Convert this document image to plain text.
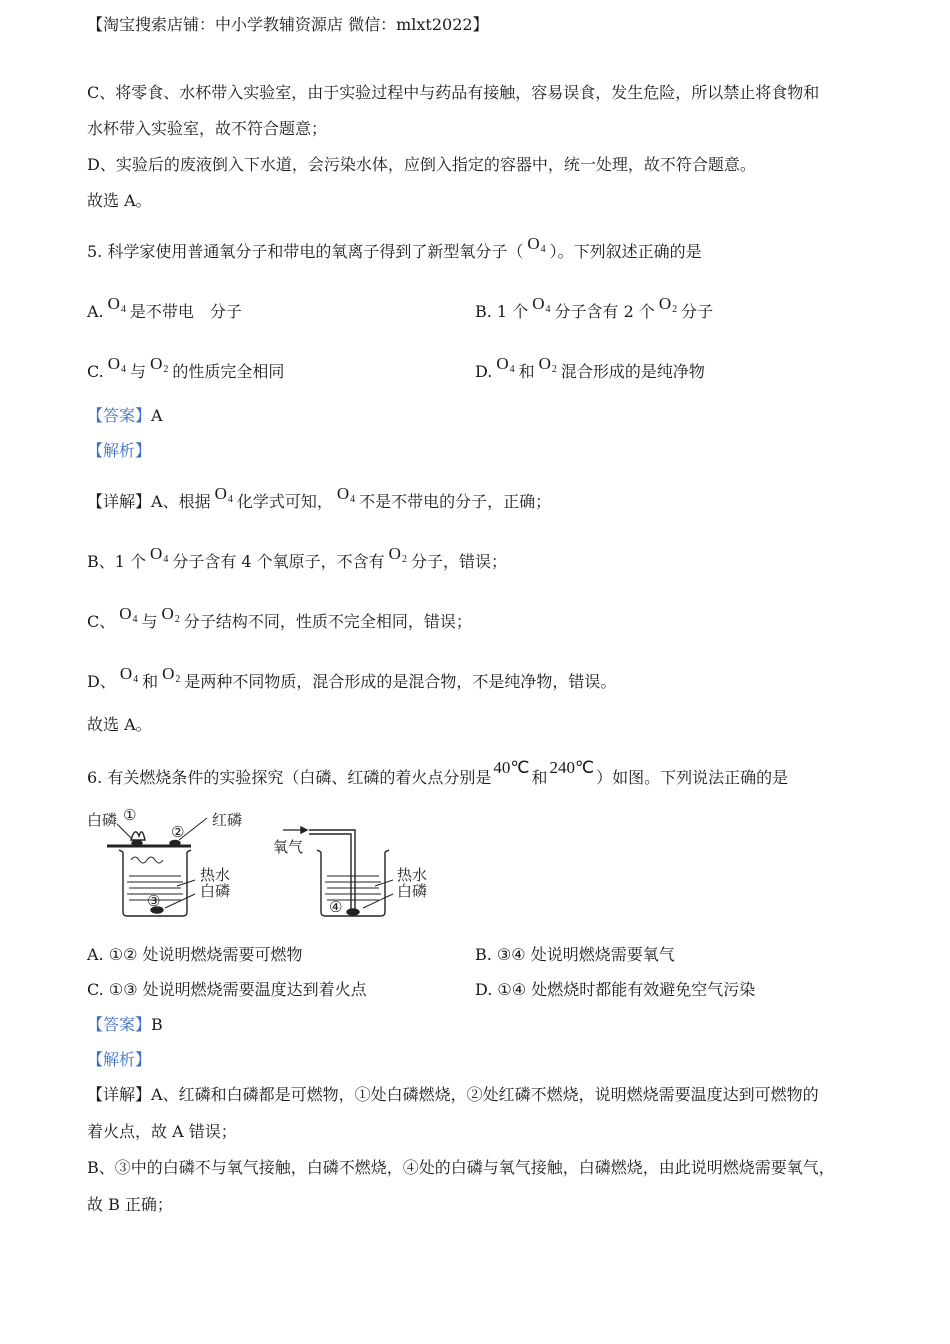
【淘宝搜索店铺：中小学教辅资源店 微信：mlxt2022】
C、将零食、水杯带入实验室，由于实验过程中与药品有接触，容易误食，发生危险，所以禁止将食物和
水杯带入实验室，故不符合题意；
D、实验后的废液倒入下水道，会污染水体，应倒入指定的容器中，统一处理，故不符合题意。
故选 A。
5. 科学家使用普通氧分子和带电的氧离子得到了新型氧分子（ $O_4$ ）。下列叙述正确的是
A. $O_4$ 是不带电　分子	B. 1 个 $O_4$ 分子含有 2 个 $O_2$ 分子
C. $O_4$ 与 $O_2$ 的性质完全相同	D. $O_4$ 和 $O_2$ 混合形成的是纯净物
【答案】A
【解析】
【详解】A、根据 $O_4$ 化学式可知， $O_4$ 不是不带电的分子，正确；
B、1 个 $O_4$ 分子含有 4 个氧原子，不含有 $O_2$ 分子，错误；
C、 $O_4$ 与 $O_2$ 分子结构不同，性质不完全相同，错误；
D、 $O_4$ 和 $O_2$ 是两种不同物质，混合形成的是混合物，不是纯净物，错误。
故选 A。
6. 有关燃烧条件的实验探究（白磷、红磷的着火点分别是40℃和240℃）如图。下列说法正确的是
白磷 ①
②
红磷
热水
白磷
③
氧气
热水
白磷
④
A. ①② 处说明燃烧需要可燃物	B. ③④ 处说明燃烧需要氧气
C. ①③ 处说明燃烧需要温度达到着火点	D. ①④ 处燃烧时都能有效避免空气污染
【答案】B
【解析】
【详解】A、红磷和白磷都是可燃物，①处白磷燃烧，②处红磷不燃烧，说明燃烧需要温度达到可燃物的
着火点，故 A 错误；
B、③中的白磷不与氧气接触，白磷不燃烧，④处的白磷与氧气接触，白磷燃烧，由此说明燃烧需要氧气，
故 B 正确；
